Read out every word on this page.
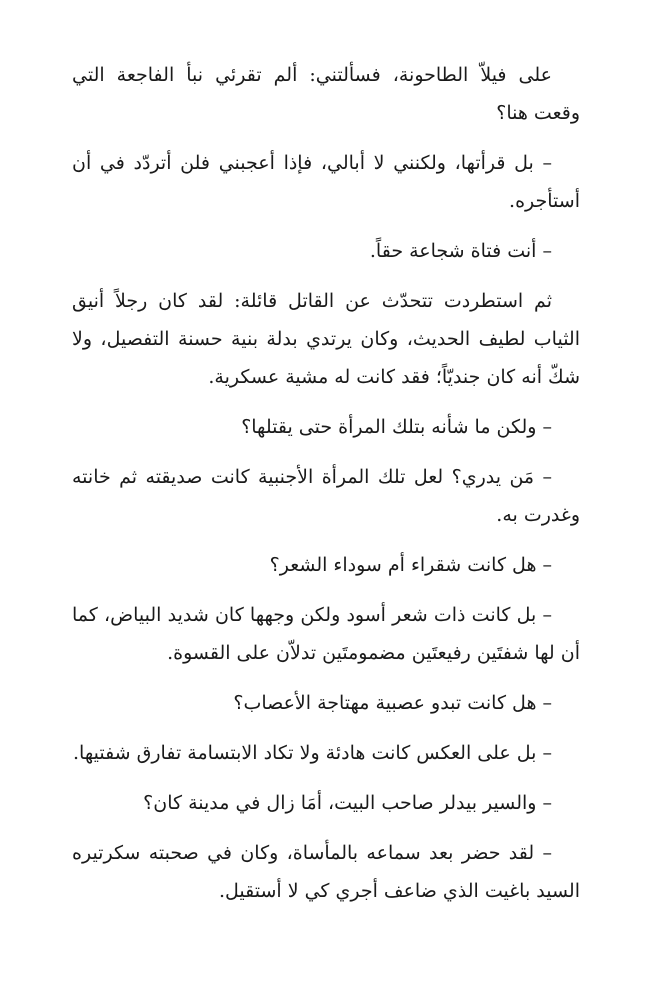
على فيلاّ الطاحونة، فسألتني: ألم تقرئي نبأ الفاجعة التي وقعت هنا؟

– بل قرأتها، ولكنني لا أبالي، فإذا أعجبني فلن أتردّد في أن أستأجره.

– أنت فتاة شجاعة حقاً.

ثم استطردت تتحدّث عن القاتل قائلة: لقد كان رجلاً أنيق الثياب لطيف الحديث، وكان يرتدي بدلة بنية حسنة التفصيل، ولا شكّ أنه كان جنديّاً؛ فقد كانت له مشية عسكرية.

– ولكن ما شأنه بتلك المرأة حتى يقتلها؟

– مَن يدري؟ لعل تلك المرأة الأجنبية كانت صديقته ثم خانته وغدرت به.

– هل كانت شقراء أم سوداء الشعر؟

– بل كانت ذات شعر أسود ولكن وجهها كان شديد البياض، كما أن لها شفتَين رفيعتَين مضمومتَين تدلاّن على القسوة.

– هل كانت تبدو عصبية مهتاجة الأعصاب؟

– بل على العكس كانت هادئة ولا تكاد الابتسامة تفارق شفتيها.

– والسير بيدلر صاحب البيت، أمَا زال في مدينة كان؟

– لقد حضر بعد سماعه بالمأساة، وكان في صحبته سكرتيره السيد باغيت الذي ضاعف أجري كي لا أستقيل.
